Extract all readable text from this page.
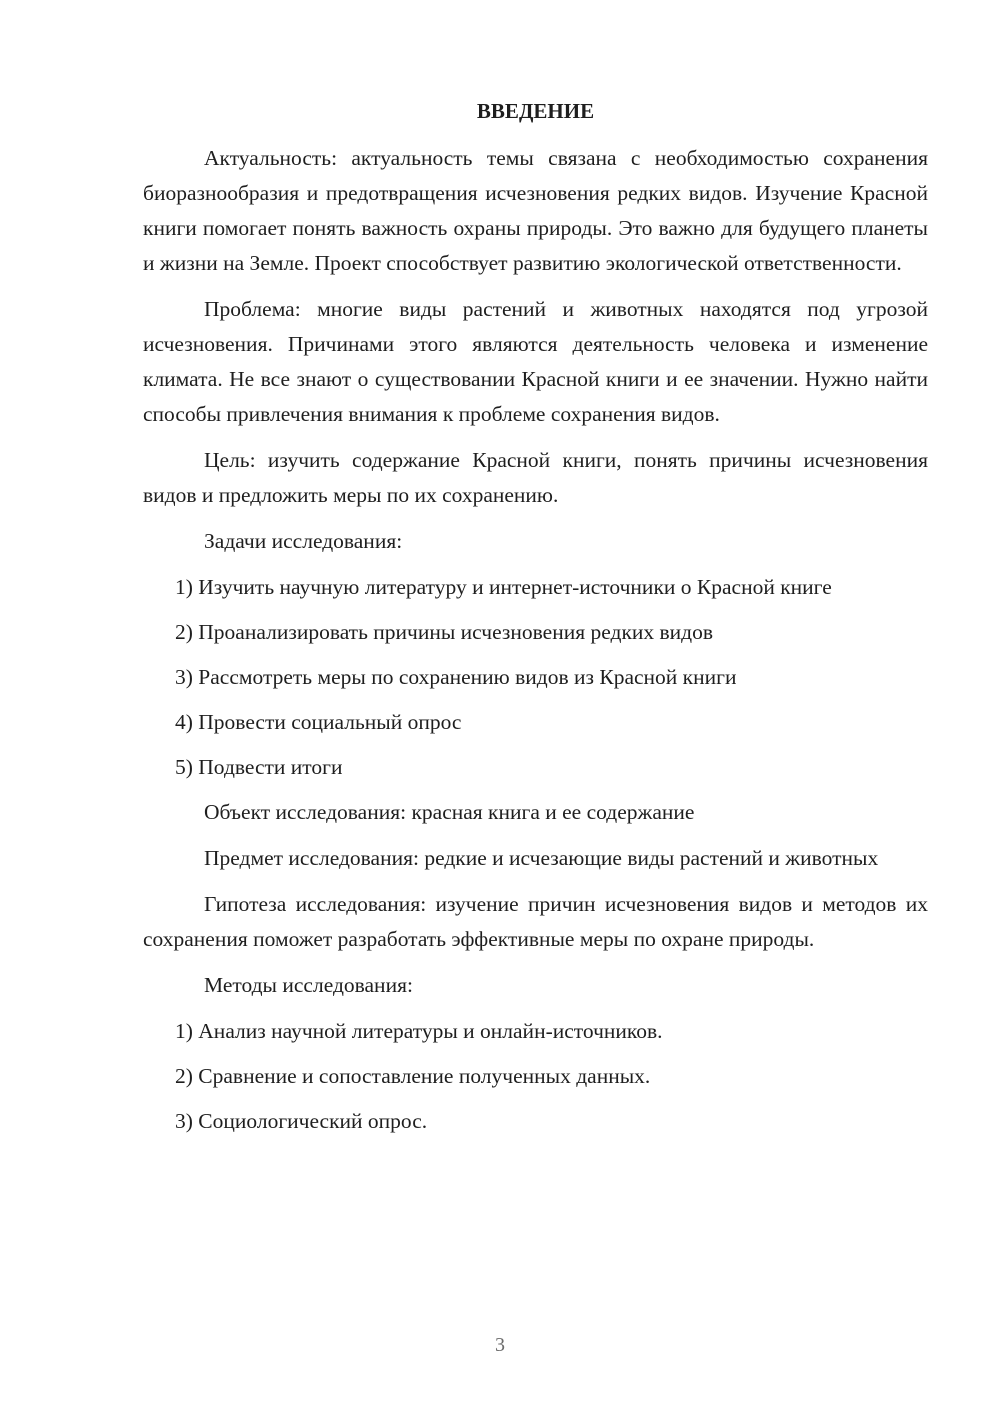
ВВЕДЕНИЕ

Актуальность: актуальность темы связана с необходимостью сохранения биоразнообразия и предотвращения исчезновения редких видов. Изучение Красной книги помогает понять важность охраны природы. Это важно для будущего планеты и жизни на Земле. Проект способствует развитию экологической ответственности.

Проблема: многие виды растений и животных находятся под угрозой исчезновения. Причинами этого являются деятельность человека и изменение климата. Не все знают о существовании Красной книги и ее значении. Нужно найти способы привлечения внимания к проблеме сохранения видов.

Цель: изучить содержание Красной книги, понять причины исчезновения видов и предложить меры по их сохранению.

Задачи исследования:

1) Изучить научную литературу и интернет-источники о Красной книге

2) Проанализировать причины исчезновения редких видов

3) Рассмотреть меры по сохранению видов из Красной книги

4) Провести социальный опрос

5) Подвести итоги

Объект исследования: красная книга и ее содержание

Предмет исследования: редкие и исчезающие виды растений и животных

Гипотеза исследования: изучение причин исчезновения видов и методов их сохранения поможет разработать эффективные меры по охране природы.

Методы исследования:

1) Анализ научной литературы и онлайн-источников.

2) Сравнение и сопоставление полученных данных.

3) Социологический опрос.

3
